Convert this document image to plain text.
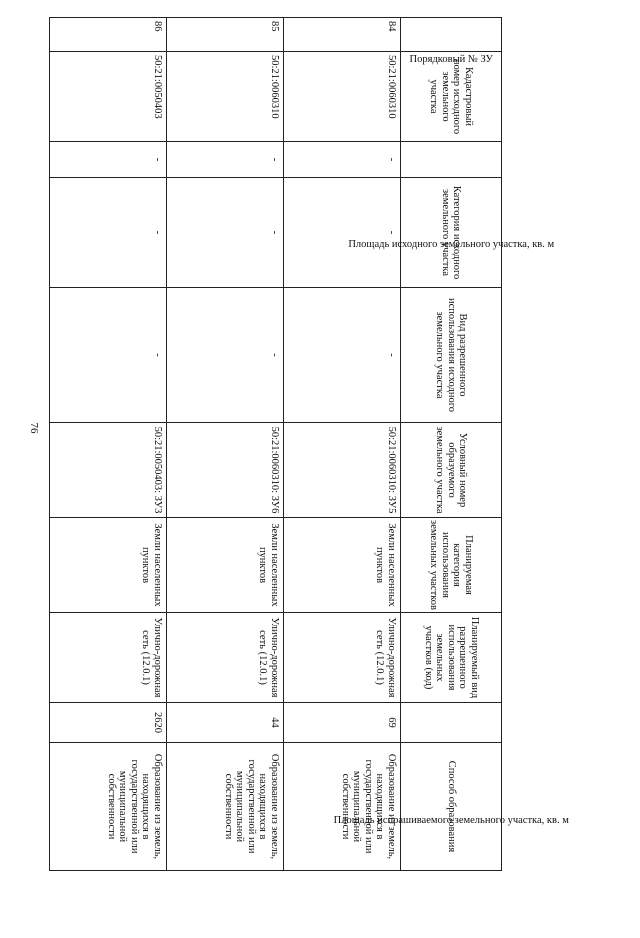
76
Порядковый № ЗУ	Кадастровый номер исходного земельного участка	Площадь исходного земельного участка, кв. м	Категория исходного земельного участка	Вид разрешенного использования исходного земельного участка	Условный номер образуемого земельного участка	Планируемая категория использования земельных участков	Планируемый вид разрешенного использования земельных участков (код)	Площадь испрашиваемого земельного участка, кв. м	Способ образования
84	50:21:0060310	-	-	-	50:21:0060310: ЗУ5	Земли населенных пунктов	Улично-дорожная сеть (12.0.1)	69	Образование из земель, находящихся в государственной или муниципальной собственности
85	50:21:0060310	-	-	-	50:21:0060310: ЗУ6	Земли населенных пунктов	Улично-дорожная сеть (12.0.1)	44	Образование из земель, находящихся в государственной или муниципальной собственности
86	50:21:0050403	-	-	-	50:21:0050403: ЗУ3	Земли населенных пунктов	Улично-дорожная сеть (12.0.1)	2620	Образование из земель, находящихся в государственной или муниципальной собственности
